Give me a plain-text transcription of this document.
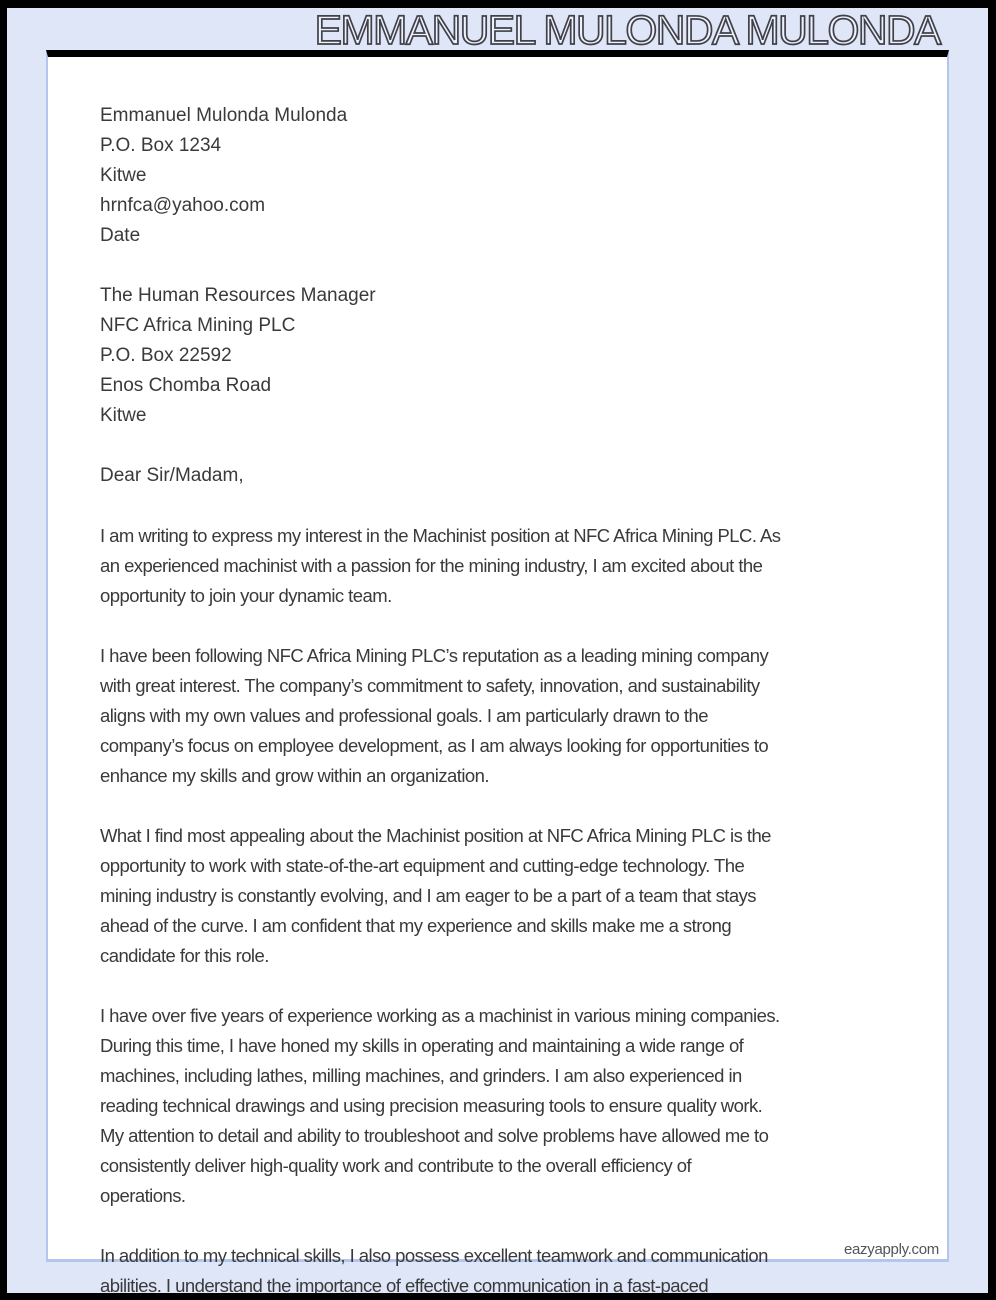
EMMANUEL MULONDA MULONDA
Emmanuel Mulonda Mulonda
P.O. Box 1234
Kitwe
hrnfca@yahoo.com
Date
The Human Resources Manager
NFC Africa Mining PLC
P.O. Box 22592
Enos Chomba Road
Kitwe
Dear Sir/Madam,
I am writing to express my interest in the Machinist position at NFC Africa Mining PLC. As
an experienced machinist with a passion for the mining industry, I am excited about the
opportunity to join your dynamic team.
I have been following NFC Africa Mining PLC’s reputation as a leading mining company
with great interest. The company’s commitment to safety, innovation, and sustainability
aligns with my own values and professional goals. I am particularly drawn to the
company’s focus on employee development, as I am always looking for opportunities to
enhance my skills and grow within an organization.
What I find most appealing about the Machinist position at NFC Africa Mining PLC is the
opportunity to work with state-of-the-art equipment and cutting-edge technology. The
mining industry is constantly evolving, and I am eager to be a part of a team that stays
ahead of the curve. I am confident that my experience and skills make me a strong
candidate for this role.
I have over five years of experience working as a machinist in various mining companies.
During this time, I have honed my skills in operating and maintaining a wide range of
machines, including lathes, milling machines, and grinders. I am also experienced in
reading technical drawings and using precision measuring tools to ensure quality work.
My attention to detail and ability to troubleshoot and solve problems have allowed me to
consistently deliver high-quality work and contribute to the overall efficiency of
operations.
In addition to my technical skills, I also possess excellent teamwork and communication
abilities. I understand the importance of effective communication in a fast-paced
eazyapply.com
